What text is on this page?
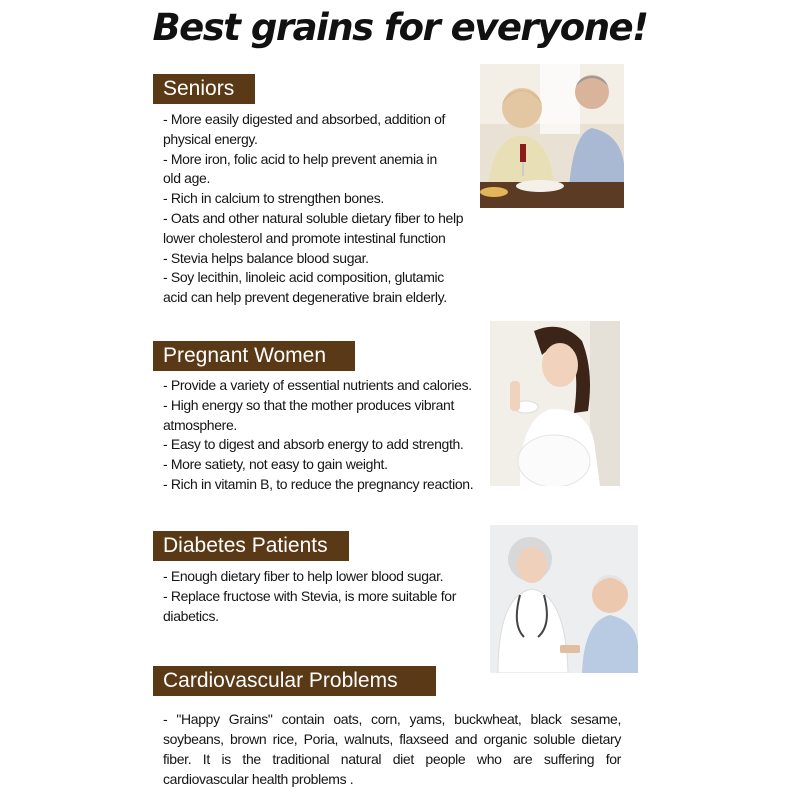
Best grains for everyone!
Seniors
- More easily digested and absorbed, addition of
physical energy.
- More iron, folic acid to help prevent anemia in
old age.
- Rich in calcium to strengthen bones.
- Oats and other natural soluble dietary fiber to help
lower cholesterol and promote intestinal function
- Stevia helps balance blood sugar.
- Soy lecithin, linoleic acid composition, glutamic
acid can help prevent degenerative brain elderly.
Pregnant Women
- Provide a variety of essential nutrients and calories.
- High energy so that the mother produces vibrant
atmosphere.
- Easy to digest and absorb energy to add strength.
- More satiety, not easy to gain weight.
- Rich in vitamin B, to reduce the pregnancy reaction.
Diabetes Patients
- Enough dietary fiber to help lower blood sugar.
- Replace fructose with Stevia, is more suitable for
diabetics.
Cardiovascular Problems

- "Happy Grains" contain oats, corn, yams, buckwheat, black sesame, soybeans, brown rice, Poria, walnuts, flaxseed and organic soluble dietary fiber. It is the traditional natural diet people who are suffering for cardiovascular health problems .
